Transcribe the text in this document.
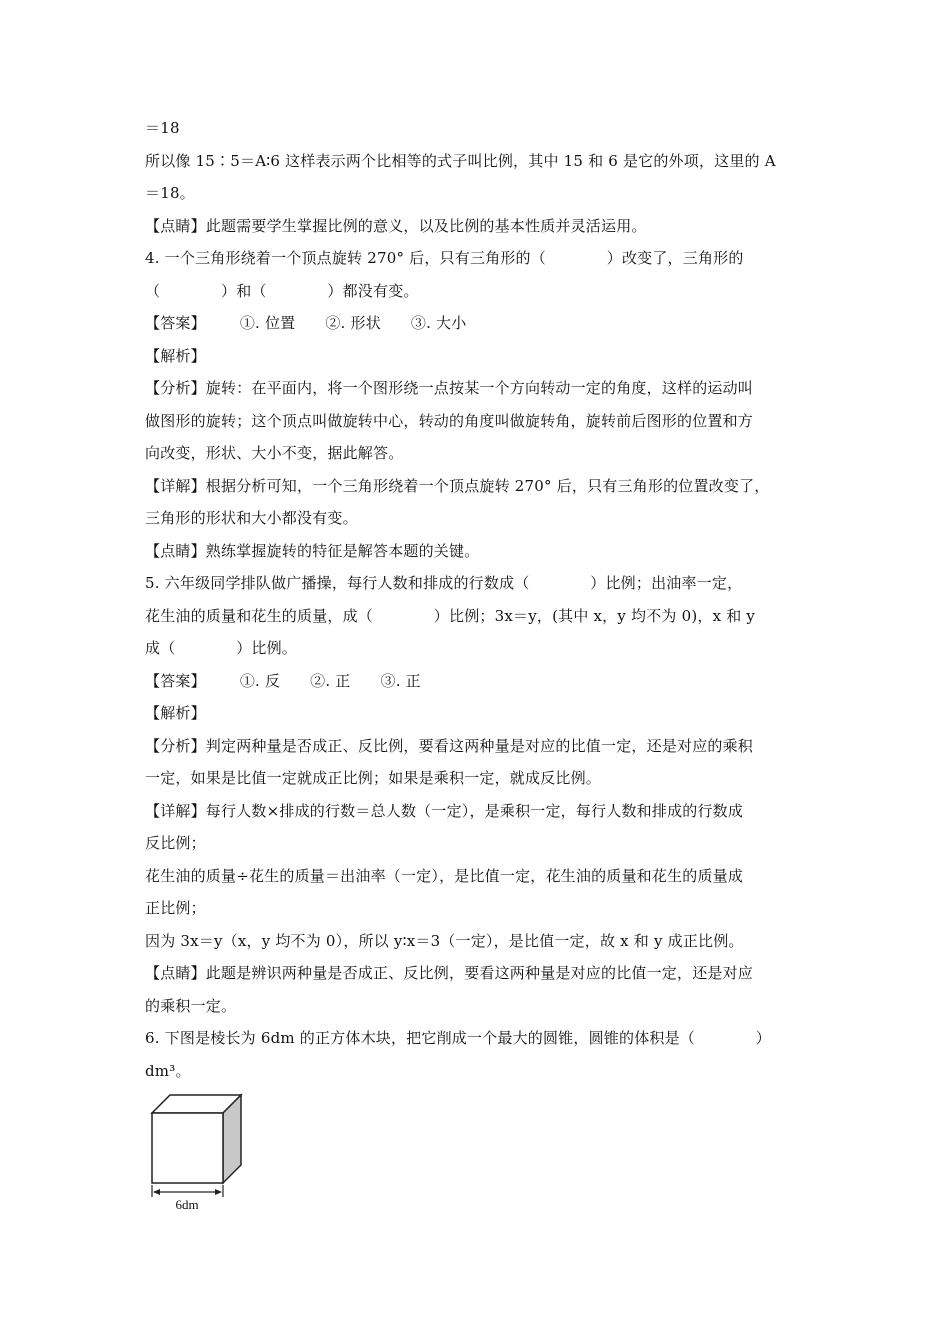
＝18
所以像 15∶5＝A∶6 这样表示两个比相等的式子叫比例，其中 15 和 6 是它的外项，这里的 A
＝18。
【点睛】此题需要学生掌握比例的意义，以及比例的基本性质并灵活运用。
4. 一个三角形绕着一个顶点旋转 270° 后，只有三角形的（　　　　）改变了，三角形的
（　　　　）和（　　　　）都没有变。
【答案】 ①. 位置 ②. 形状 ③. 大小
【解析】
【分析】旋转：在平面内，将一个图形绕一点按某一个方向转动一定的角度，这样的运动叫
做图形的旋转；这个顶点叫做旋转中心，转动的角度叫做旋转角，旋转前后图形的位置和方
向改变，形状、大小不变，据此解答。
【详解】根据分析可知，一个三角形绕着一个顶点旋转 270° 后，只有三角形的位置改变了，
三角形的形状和大小都没有变。
【点睛】熟练掌握旋转的特征是解答本题的关键。
5. 六年级同学排队做广播操，每行人数和排成的行数成（　　　　）比例；出油率一定，
花生油的质量和花生的质量，成（　　　　）比例；3x＝y，(其中 x，y 均不为 0)，x 和 y
成（　　　　）比例。
【答案】 ①. 反 ②. 正 ③. 正
【解析】
【分析】判定两种量是否成正、反比例，要看这两种量是对应的比值一定，还是对应的乘积
一定，如果是比值一定就成正比例；如果是乘积一定，就成反比例。
【详解】每行人数×排成的行数＝总人数（一定），是乘积一定，每行人数和排成的行数成
反比例；
花生油的质量÷花生的质量＝出油率（一定），是比值一定，花生油的质量和花生的质量成
正比例；
因为 3x＝y（x，y 均不为 0），所以 y∶x＝3（一定），是比值一定，故 x 和 y 成正比例。
【点睛】此题是辨识两种量是否成正、反比例，要看这两种量是对应的比值一定，还是对应
的乘积一定。
6. 下图是棱长为 6dm 的正方体木块，把它削成一个最大的圆锥，圆锥的体积是（　　　　）
dm³。
6dm
